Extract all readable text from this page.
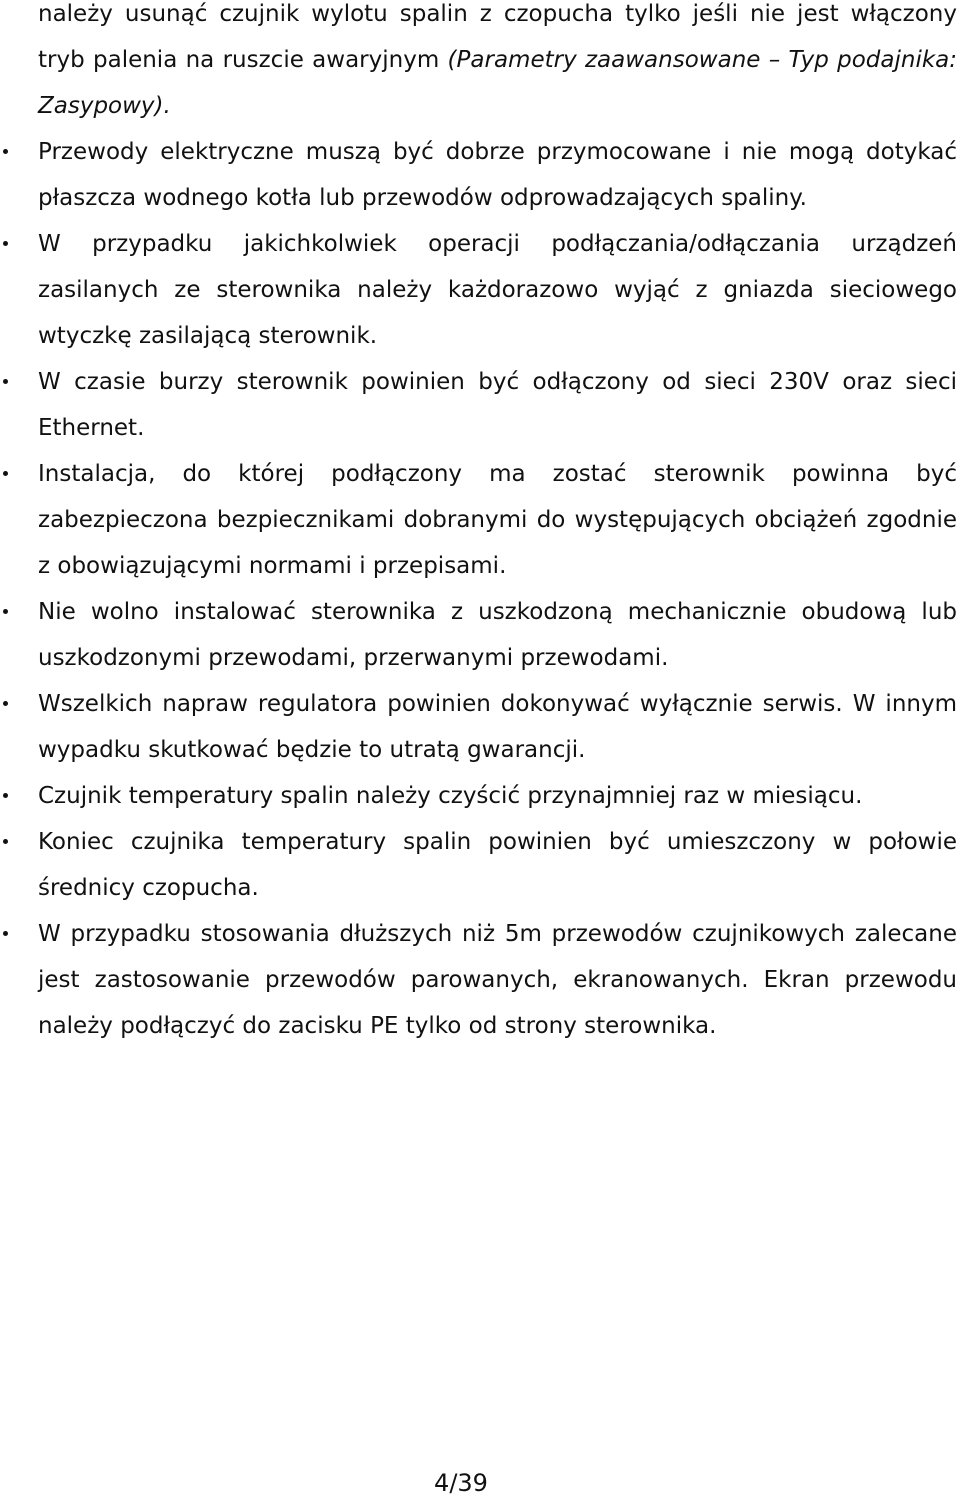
należy usunąć czujnik wylotu spalin z czopucha tylko jeśli nie jest włączony tryb palenia na ruszcie awaryjnym (Parametry zaawansowane – Typ podajnika: Zasypowy).

Przewody elektryczne muszą być dobrze przymocowane i nie mogą dotykać płaszcza wodnego kotła lub przewodów odprowadzających spaliny.
W przypadku jakichkolwiek operacji podłączania/odłączania urządzeń zasilanych ze sterownika należy każdorazowo wyjąć z gniazda sieciowego wtyczkę zasilającą sterownik.
W czasie burzy sterownik powinien być odłączony od sieci 230V oraz sieci Ethernet.
Instalacja, do której podłączony ma zostać sterownik powinna być zabezpieczona bezpiecznikami dobranymi do występujących obciążeń zgodnie z obowiązującymi normami i przepisami.
Nie wolno instalować sterownika z uszkodzoną mechanicznie obudową lub uszkodzonymi przewodami, przerwanymi przewodami.
Wszelkich napraw regulatora powinien dokonywać wyłącznie serwis. W innym wypadku skutkować będzie to utratą gwarancji.
Czujnik temperatury spalin należy czyścić przynajmniej raz w miesiącu.
Koniec czujnika temperatury spalin powinien być umieszczony w połowie średnicy czopucha.
W przypadku stosowania dłuższych niż 5m przewodów czujnikowych zalecane jest zastosowanie przewodów parowanych, ekranowanych. Ekran przewodu należy podłączyć do zacisku PE tylko od strony sterownika.
4/39
